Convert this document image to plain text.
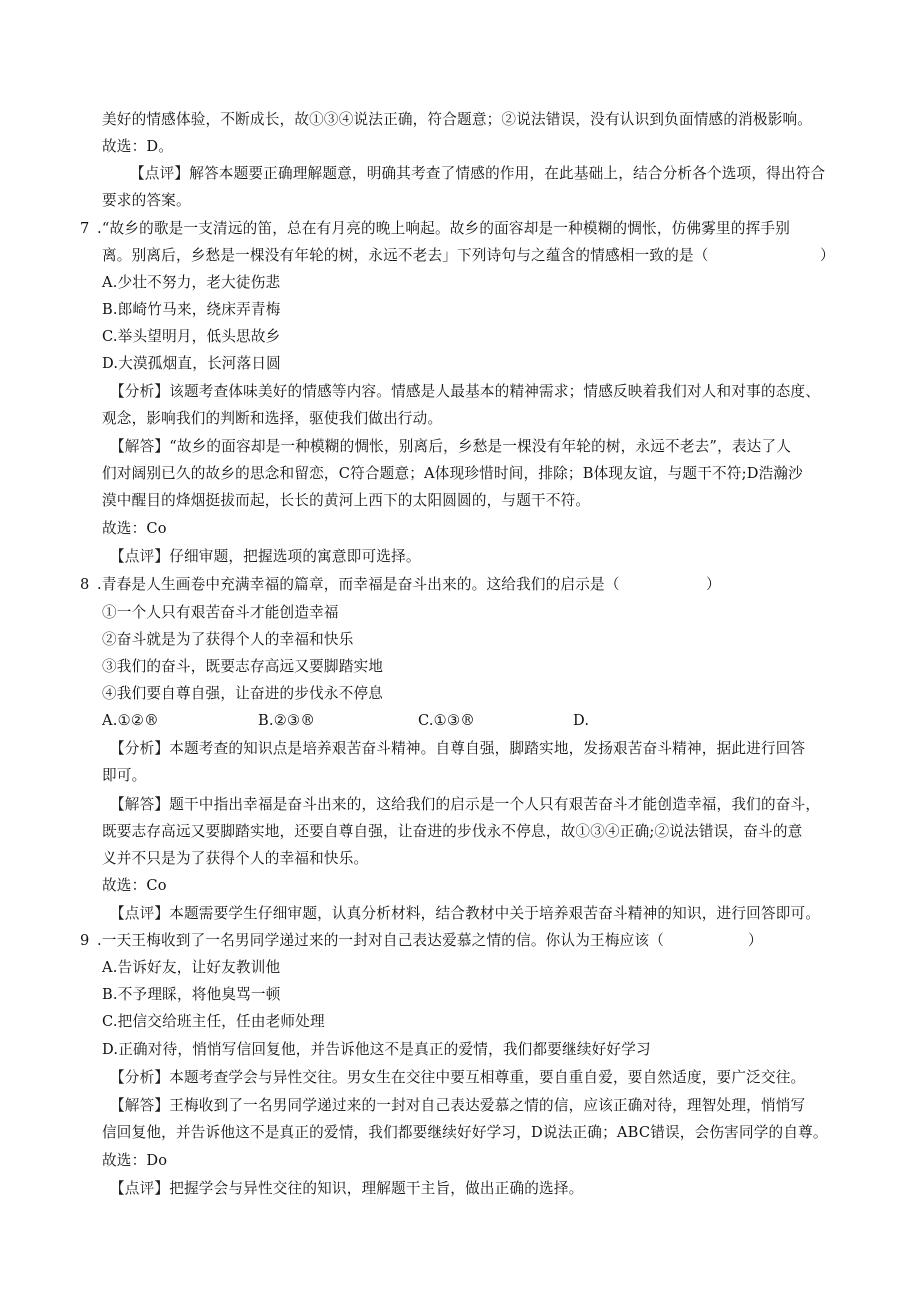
美好的情感体验，不断成长，故①③④说法正确，符合题意；②说法错误，没有认识到负面情感的消极影响。
故选：D。
【点评】解答本题要正确理解题意，明确其考查了情感的作用，在此基础上，结合分析各个选项，得出符合
要求的答案。
7 .“故乡的歌是一支清远的笛，总在有月亮的晚上响起。故乡的面容却是一种模糊的惆怅，仿佛雾里的挥手别
离。别离后，乡愁是一棵没有年轮的树，永远不老去」下列诗句与之蕴含的情感相一致的是（	）
A.少壮不努力，老大徒伤悲
B.郎崎竹马来，绕床弄青梅
C.举头望明月，低头思故乡
D.大漠孤烟直，长河落日圆
【分析】该题考查体味美好的情感等内容。情感是人最基本的精神需求；情感反映着我们对人和对事的态度、
观念，影响我们的判断和选择，驱使我们做出行动。
【解答】“故乡的面容却是一种模糊的惆怅，别离后，乡愁是一棵没有年轮的树，永远不老去”，表达了人
们对阔别已久的故乡的思念和留恋，C符合题意；A体现珍惜时间，排除；B体现友谊，与题干不符;D浩瀚沙
漠中醒目的烽烟挺拔而起，长长的黄河上西下的太阳圆圆的，与题干不符。
故选：Co
【点评】仔细审题，把握选项的寓意即可选择。
8 .青春是人生画卷中充满幸福的篇章，而幸福是奋斗出来的。这给我们的启示是（	）
①一个人只有艰苦奋斗才能创造幸福
②奋斗就是为了获得个人的幸福和快乐
③我们的奋斗，既要志存高远又要脚踏实地
④我们要自尊自强，让奋进的步伐永不停息
A.①②®	B.②③®	C.①③®	D.
【分析】本题考查的知识点是培养艰苦奋斗精神。自尊自强，脚踏实地，发扬艰苦奋斗精神，据此进行回答
即可。
【解答】题干中指出幸福是奋斗出来的，这给我们的启示是一个人只有艰苦奋斗才能创造幸福，我们的奋斗，
既要志存高远又要脚踏实地，还要自尊自强，让奋进的步伐永不停息，故①③④正确;②说法错误，奋斗的意
义并不只是为了获得个人的幸福和快乐。
故选：Co
【点评】本题需要学生仔细审题，认真分析材料，结合教材中关于培养艰苦奋斗精神的知识，进行回答即可。
9 .一天王梅收到了一名男同学递过来的一封对自己表达爱慕之情的信。你认为王梅应该（	）
A.告诉好友，让好友教训他
B.不予理睬，将他臭骂一顿
C.把信交给班主任，任由老师处理
D.正确对待，悄悄写信回复他，并告诉他这不是真正的爱情，我们都要继续好好学习
【分析】本题考查学会与异性交往。男女生在交往中要互相尊重，要自重自爱，要自然适度，要广泛交往。
【解答】王梅收到了一名男同学递过来的一封对自己表达爱慕之情的信，应该正确对待，理智处理，悄悄写
信回复他，并告诉他这不是真正的爱情，我们都要继续好好学习，D说法正确；ABC错误，会伤害同学的自尊。
故选：Do
【点评】把握学会与异性交往的知识，理解题干主旨，做出正确的选择。
